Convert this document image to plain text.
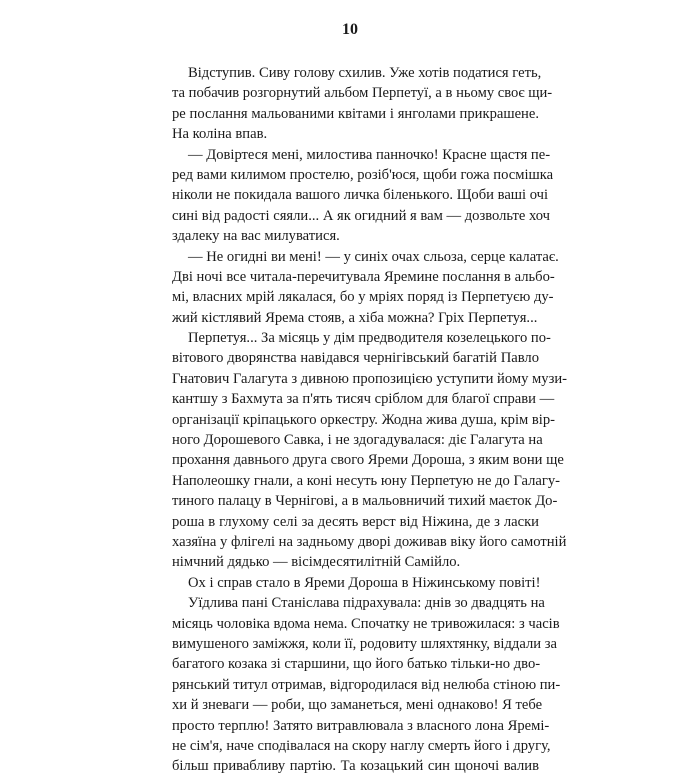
10
Відступив. Сиву голову схилив. Уже хотів податися геть,
та побачив розгорнутий альбом Перпетуї, а в ньому своє щи-
ре послання мальованими квітами і янголами прикрашене.
На коліна впав.
— Довіртеся мені, милостива панночко! Красне щастя пе-
ред вами килимом простелю, розіб'юся, щоби гожа посмішка
ніколи не покидала вашого личка біленького. Щоби ваші очі
сині від радості сяяли... А як огидний я вам — дозвольте хоч
здалеку на вас милуватися.
— Не огидні ви мені! — у синіх очах сльоза, серце калатає.
Дві ночі все читала-перечитувала Яремине послання в альбо-
мі, власних мрій лякалася, бо у мріях поряд із Перпетуєю ду-
жий кістлявий Ярема стояв, а хіба можна? Гріх Перпетуя...
Перпетуя... За місяць у дім предводителя козелецького по-
вітового дворянства навідався чернігівський багатій Павло
Гнатович Галагута з дивною пропозицією уступити йому музи-
кантшу з Бахмута за п'ять тисяч сріблом для благої справи —
організації кріпацького оркестру. Жодна жива душа, крім вір-
ного Дорошевого Савка, і не здогадувалася: діє Галагута на
прохання давнього друга свого Яреми Дороша, з яким вони ще
Наполеошку гнали, а коні несуть юну Перпетую не до Галагу-
тиного палацу в Чернігові, а в мальовничий тихий маєток До-
роша в глухому селі за десять верст від Ніжина, де з ласки
хазяїна у флігелі на задньому дворі доживав віку його самотній
німчний дядько — вісімдесятилітній Самійло.
Ох і справ стало в Яреми Дороша в Ніжинському повіті!
Уїдлива пані Станіслава підрахувала: днів зо двадцять на
місяць чоловіка вдома нема. Спочатку не тривожилася: з часів
вимушеного заміжжя, коли її, родовиту шляхтянку, віддали за
багатого козака зі старшини, що його батько тільки-но дво-
рянський титул отримав, відгородилася від нелюба стіною пи-
хи й зневаги — роби, що заманеться, мені однаково! Я тебе
просто терплю! Затято витравлювала з власного лона Яремі-
не сім'я, наче сподівалася на скору наглу смерть його і другу,
більш привабливу партію. Та козацький син щоночі валив
